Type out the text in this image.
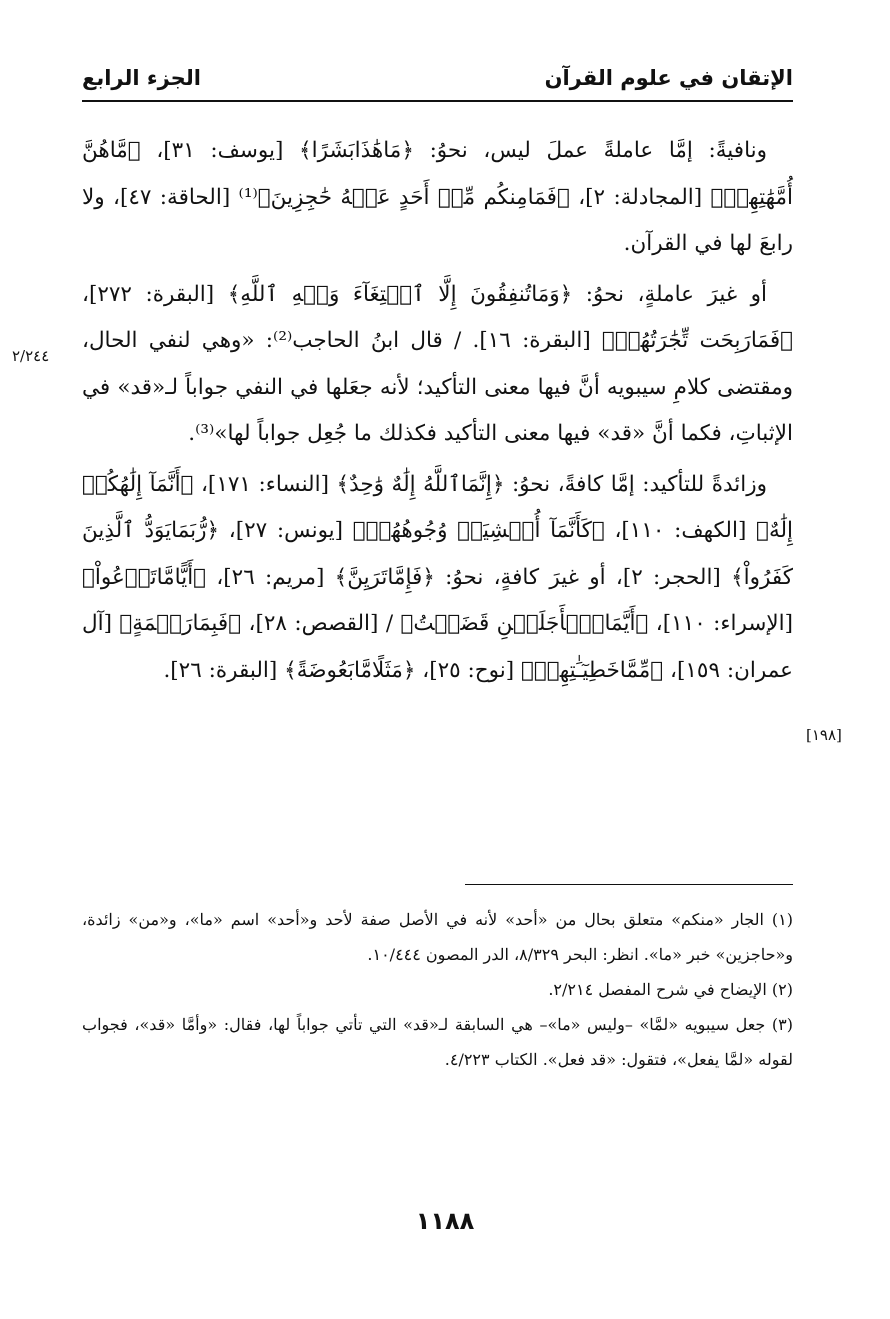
الإتقان في علوم القرآن
الجزء الرابع

ونافيةً: إمَّا عاملةً عملَ ليس، نحوُ: ﴿مَاهَٰذَابَشَرًا﴾ [يوسف: ٣١]، ﴿مَّاهُنَّ أُمَّهَٰتِهِمۡ﴾ [المجادلة: ٢]، ﴿فَمَامِنكُم مِّنۡ أَحَدٍ عَنۡهُ حَٰجِزِينَ﴾⁽¹⁾ [الحاقة: ٤٧]، ولا رابعَ لها في القرآن.

أو غيرَ عاملةٍ، نحوُ: ﴿وَمَاتُنفِقُونَ إِلَّا ٱبۡتِغَآءَ وَجۡهِ ٱللَّهِ﴾ [البقرة: ٢٧٢]، ﴿فَمَارَبِحَت تِّجَٰرَتُهُمۡ﴾ [البقرة: ١٦]. / قال ابنُ الحاجب⁽²⁾: «وهي لنفي الحال، ومقتضى كلامِ سيبويه أنَّ فيها معنى التأكيد؛ لأنه جعَلها في النفي جواباً لـ«قد» في الإثباتِ، فكما أنَّ «قد» فيها معنى التأكيد فكذلك ما جُعِل جواباً لها»⁽³⁾.

وزائدةً للتأكيد: إمَّا كافةً، نحوُ: ﴿إِنَّمَاٱللَّهُ إِلَٰهٌ وَٰحِدٌ﴾ [النساء: ١٧١]، ﴿أَنَّمَآ إِلَٰهُكُمۡ إِلَٰهٌ﴾ [الكهف: ١١٠]، ﴿كَأَنَّمَآ أُغۡشِيَتۡ وُجُوهُهُمۡ﴾ [يونس: ٢٧]، ﴿رُّبَمَايَوَدُّ ٱلَّذِينَ كَفَرُواْ﴾ [الحجر: ٢]، أو غيرَ كافةٍ، نحوُ: ﴿فَإِمَّاتَرَيِنَّ﴾ [مريم: ٢٦]، ﴿أَيًّامَّاتَدۡعُواْ﴾ [الإسراء: ١١٠]، ﴿أَيَّمَاٱلۡأَجَلَيۡنِ قَضَيۡتُ﴾ / [القصص: ٢٨]، ﴿فَبِمَارَحۡمَةٍ﴾ [آل عمران: ١٥٩]، ﴿مِّمَّاخَطِيٓـَٰتِهِمۡ﴾ [نوح: ٢٥]، ﴿مَثَلًامَّابَعُوضَةً﴾ [البقرة: ٢٦].

٢/٢٤٤
[١٩٨]

(١) الجار «منكم» متعلق بحال من «أحد» لأنه في الأصل صفة لأحد و«أحد» اسم «ما»، و«من» زائدة، و«حاجزين» خبر «ما». انظر: البحر ٨/٣٢٩، الدر المصون ١٠/٤٤٤.

(٢) الإيضاح في شرح المفصل ٢/٢١٤.

(٣) جعل سيبويه «لمَّا» –وليس «ما»– هي السابقة لـ«قد» التي تأتي جواباً لها، فقال: «وأمَّا «قد»، فجواب لقوله «لمَّا يفعل»، فتقول: «قد فعل». الكتاب ٤/٢٢٣.

١١٨٨
